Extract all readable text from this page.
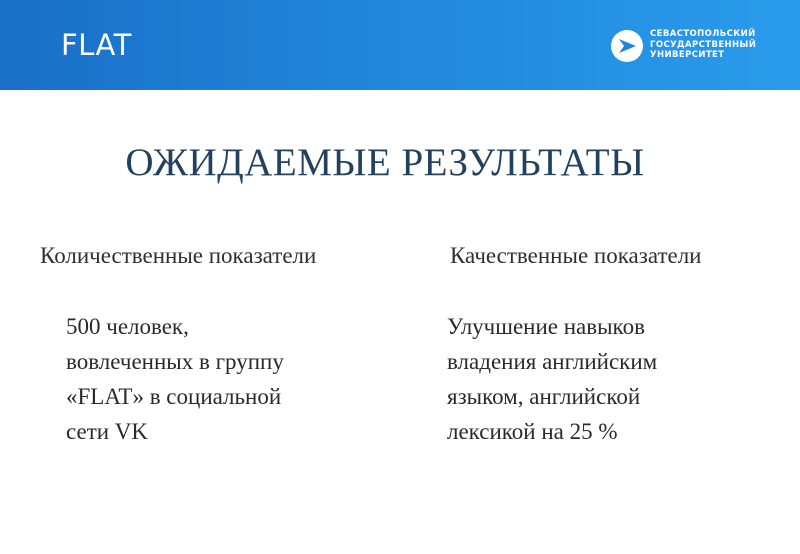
FLAT	СЕВАСТОПОЛЬСКИЙ
ГОСУДАРСТВЕННЫЙ
УНИВЕРСИТЕТ
ОЖИДАЕМЫЕ РЕЗУЛЬТАТЫ
Количественные показатели	Качественные показатели
500 человек,
вовлеченных в группу
«FLAT» в социальной
сети VK
Улучшение навыков
владения английским
языком, английской
лексикой на 25 %
